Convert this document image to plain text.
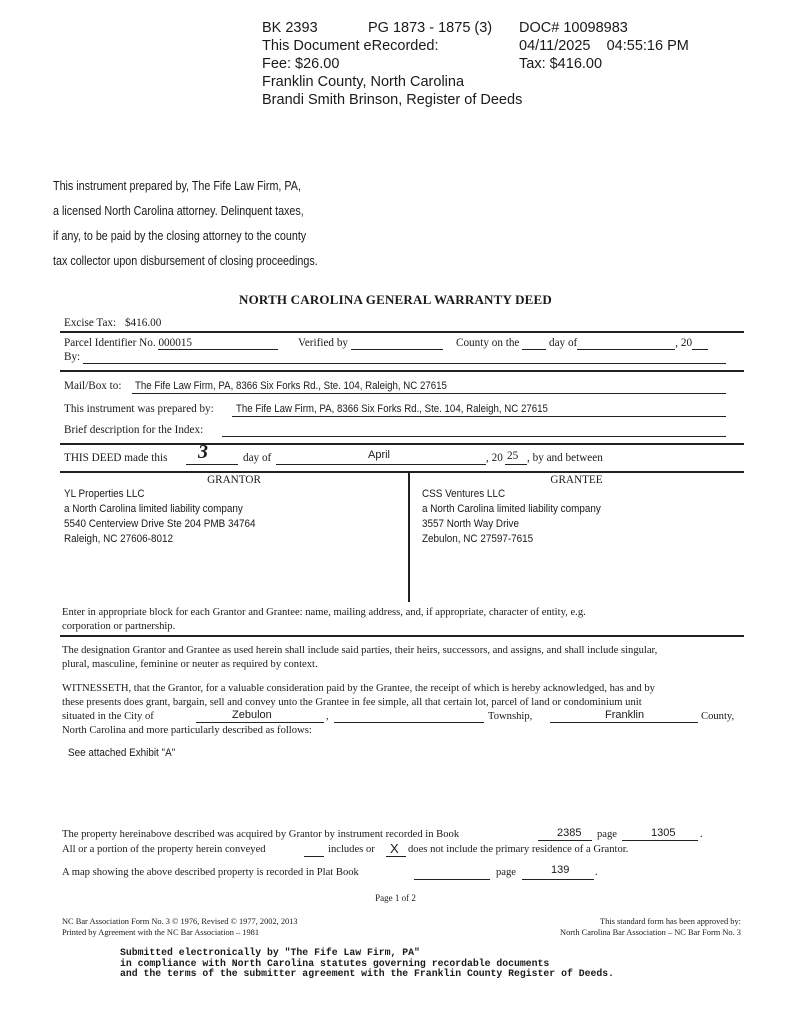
BK 2393	PG 1873 - 1875 (3) DOC# 10098983
This Document eRecorded:	04/11/2025    04:55:16 PM
Fee: $26.00	Tax: $416.00
Franklin County, North Carolina
Brandi Smith Brinson, Register of Deeds
This instrument prepared by, The Fife Law Firm, PA,
a licensed North Carolina attorney. Delinquent taxes,
if any, to be paid by the closing attorney to the county
tax collector upon disbursement of closing proceedings.
NORTH CAROLINA GENERAL WARRANTY DEED
Excise Tax: $416.00
Parcel Identifier No. 000015	Verified by	County on the	day of	, 20
By:
Mail/Box to: The Fife Law Firm, PA, 8366 Six Forks Rd., Ste. 104, Raleigh, NC 27615
This instrument was prepared by: The Fife Law Firm, PA, 8366 Six Forks Rd., Ste. 104, Raleigh, NC 27615
Brief description for the Index:
THIS DEED made this 3	day of	April	, 20 25 , by and between
GRANTOR	GRANTEE
YL Properties LLC
a North Carolina limited liability company
5540 Centerview Drive Ste 204 PMB 34764
Raleigh, NC 27606-8012
CSS Ventures LLC
a North Carolina limited liability company
3557 North Way Drive
Zebulon, NC 27597-7615
Enter in appropriate block for each Grantor and Grantee: name, mailing address, and, if appropriate, character of entity, e.g.
corporation or partnership.
The designation Grantor and Grantee as used herein shall include said parties, their heirs, successors, and assigns, and shall include singular,
plural, masculine, feminine or neuter as required by context.
WITNESSETH, that the Grantor, for a valuable consideration paid by the Grantee, the receipt of which is hereby acknowledged, has and by
these presents does grant, bargain, sell and convey unto the Grantee in fee simple, all that certain lot, parcel of land or condominium unit
situated in the City of	Zebulon	,	Township,	Franklin	County,
North Carolina and more particularly described as follows:
See attached Exhibit "A"
The property hereinabove described was acquired by Grantor by instrument recorded in Book	2385 page	1305 .
All or a portion of the property herein conveyed	includes or X does not include the primary residence of a Grantor.
A map showing the above described property is recorded in Plat Book	page	139 .
Page 1 of 2
NC Bar Association Form No. 3 © 1976, Revised © 1977, 2002, 2013
Printed by Agreement with the NC Bar Association – 1981
This standard form has been approved by:
North Carolina Bar Association – NC Bar Form No. 3
Submitted electronically by "The Fife Law Firm, PA"
in compliance with North Carolina statutes governing recordable documents
and the terms of the submitter agreement with the Franklin County Register of Deeds.
